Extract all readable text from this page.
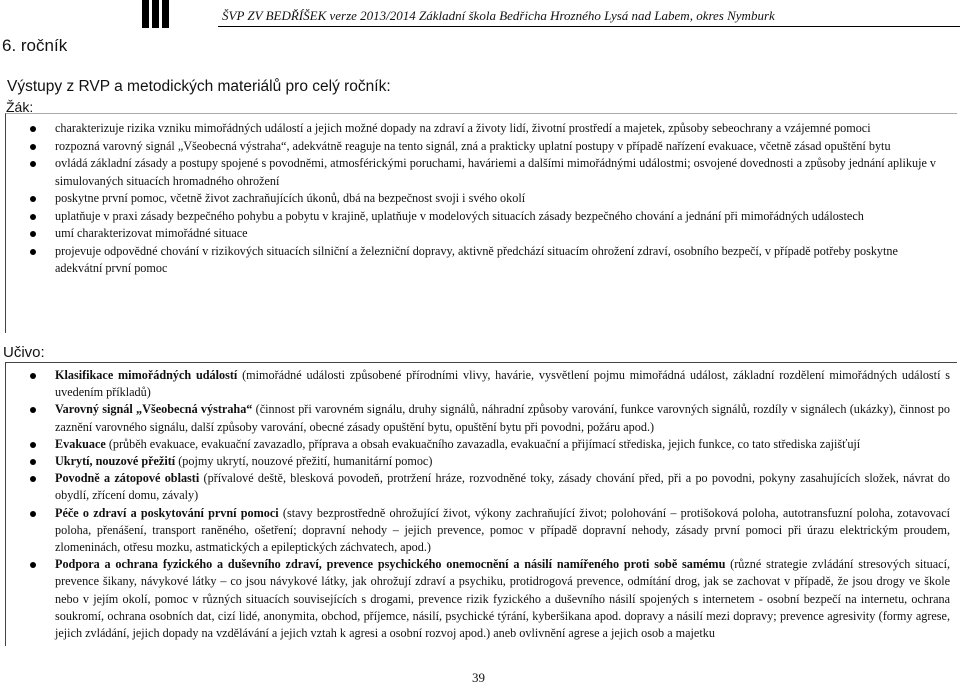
ŠVP ZV BEDŘÍŠEK verze 2013/2014 Základní škola Bedřicha Hrozného Lysá nad Labem, okres Nymburk
6. ročník
Výstupy z RVP a metodických materiálů pro celý ročník:
Žák:
charakterizuje rizika vzniku mimořádných událostí a jejich možné dopady na zdraví a životy lidí, životní prostředí a majetek, způsoby sebeochrany a vzájemné pomoci
rozpozná varovný signál „Všeobecná výstraha“, adekvátně reaguje na tento signál, zná a prakticky uplatní postupy v případě nařízení evakuace, včetně zásad opuštění bytu
ovládá základní zásady a postupy spojené s povodněmi, atmosférickými poruchami, haváriemi a dalšími mimořádnými událostmi; osvojené dovednosti a způsoby jednání aplikuje v simulovaných situacích hromadného ohrožení
poskytne první pomoc, včetně život zachraňujících úkonů, dbá na bezpečnost svoji i svého okolí
uplatňuje v praxi zásady bezpečného pohybu a pobytu v krajině, uplatňuje v modelových situacích zásady bezpečného chování a jednání při mimořádných událostech
umí charakterizovat mimořádné situace
projevuje odpovědné chování v rizikových situacích silniční a železniční dopravy, aktivně předchází situacím ohrožení zdraví, osobního bezpečí, v případě potřeby poskytne adekvátní první pomoc
Učivo:
Klasifikace mimořádných událostí (mimořádné události způsobené přírodními vlivy, havárie, vysvětlení pojmu mimořádná událost, základní rozdělení mimořádných událostí s uvedením příkladů)
Varovný signál „Všeobecná výstraha“ (činnost při varovném signálu, druhy signálů, náhradní způsoby varování, funkce varovných signálů, rozdíly v signálech (ukázky), činnost po zaznění varovného signálu, další způsoby varování, obecné zásady opuštění bytu, opuštění bytu při povodni, požáru apod.)
Evakuace (průběh evakuace, evakuační zavazadlo, příprava a obsah evakuačního zavazadla, evakuační a přijímací střediska, jejich funkce, co tato střediska zajišťují
Ukrytí, nouzové přežití (pojmy ukrytí, nouzové přežití, humanitární pomoc)
Povodně a zátopové oblasti (přívalové deště, blesková povodeň, protržení hráze, rozvodněné toky, zásady chování před, při a po povodni, pokyny zasahujících složek, návrat do obydlí, zřícení domu, závaly)
Péče o zdraví a poskytování první pomoci (stavy bezprostředně ohrožující život, výkony zachraňující život; polohování – protišoková poloha, autotransfuzní poloha, zotavovací poloha, přenášení, transport raněného, ošetření; dopravní nehody – jejich prevence, pomoc v případě dopravní nehody, zásady první pomoci při úrazu elektrickým proudem, zlomeninách, otřesu mozku, astmatických a epileptických záchvatech, apod.)
Podpora a ochrana fyzického a duševního zdraví, prevence psychického onemocnění a násilí namířeného proti sobě samému (různé strategie zvládání stresových situací, prevence šikany, návykové látky – co jsou návykové látky, jak ohrožují zdraví a psychiku, protidrogová prevence, odmítání drog, jak se zachovat v případě, že jsou drogy ve škole nebo v jejím okolí, pomoc v různých situacích souvisejících s drogami, prevence rizik fyzického a duševního násilí spojených s internetem - osobní bezpečí na internetu, ochrana soukromí, ochrana osobních dat, cizí lidé, anonymita, obchod, příjemce, násilí, psychické týrání, kyberšikana apod. dopravy a násilí mezi dopravy; prevence agresivity (formy agrese, jejich zvládání, jejich dopady na vzdělávání a jejich vztah k agresi a osobní rozvoj apod.) aneb ovlivnění agrese a jejich osob a majetku
39
